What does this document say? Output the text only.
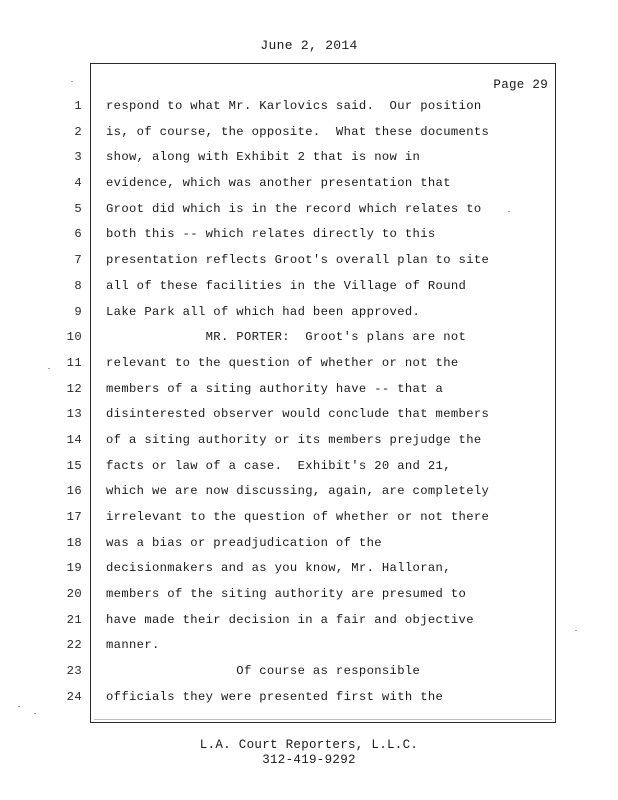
June 2, 2014
Page 29
1 respond to what Mr. Karlovics said.  Our position
2 is, of course, the opposite.  What these documents
3 show, along with Exhibit 2 that is now in
4 evidence, which was another presentation that
5 Groot did which is in the record which relates to
6 both this -- which relates directly to this
7 presentation reflects Groot's overall plan to site
8 all of these facilities in the Village of Round
9 Lake Park all of which had been approved.
10 MR. PORTER:  Groot's plans are not
11 relevant to the question of whether or not the
12 members of a siting authority have -- that a
13 disinterested observer would conclude that members
14 of a siting authority or its members prejudge the
15 facts or law of a case.  Exhibit's 20 and 21,
16 which we are now discussing, again, are completely
17 irrelevant to the question of whether or not there
18 was a bias or preadjudication of the
19 decisionmakers and as you know, Mr. Halloran,
20 members of the siting authority are presumed to
21 have made their decision in a fair and objective
22 manner.
23 Of course as responsible
24 officials they were presented first with the
L.A. Court Reporters, L.L.C.
312-419-9292
